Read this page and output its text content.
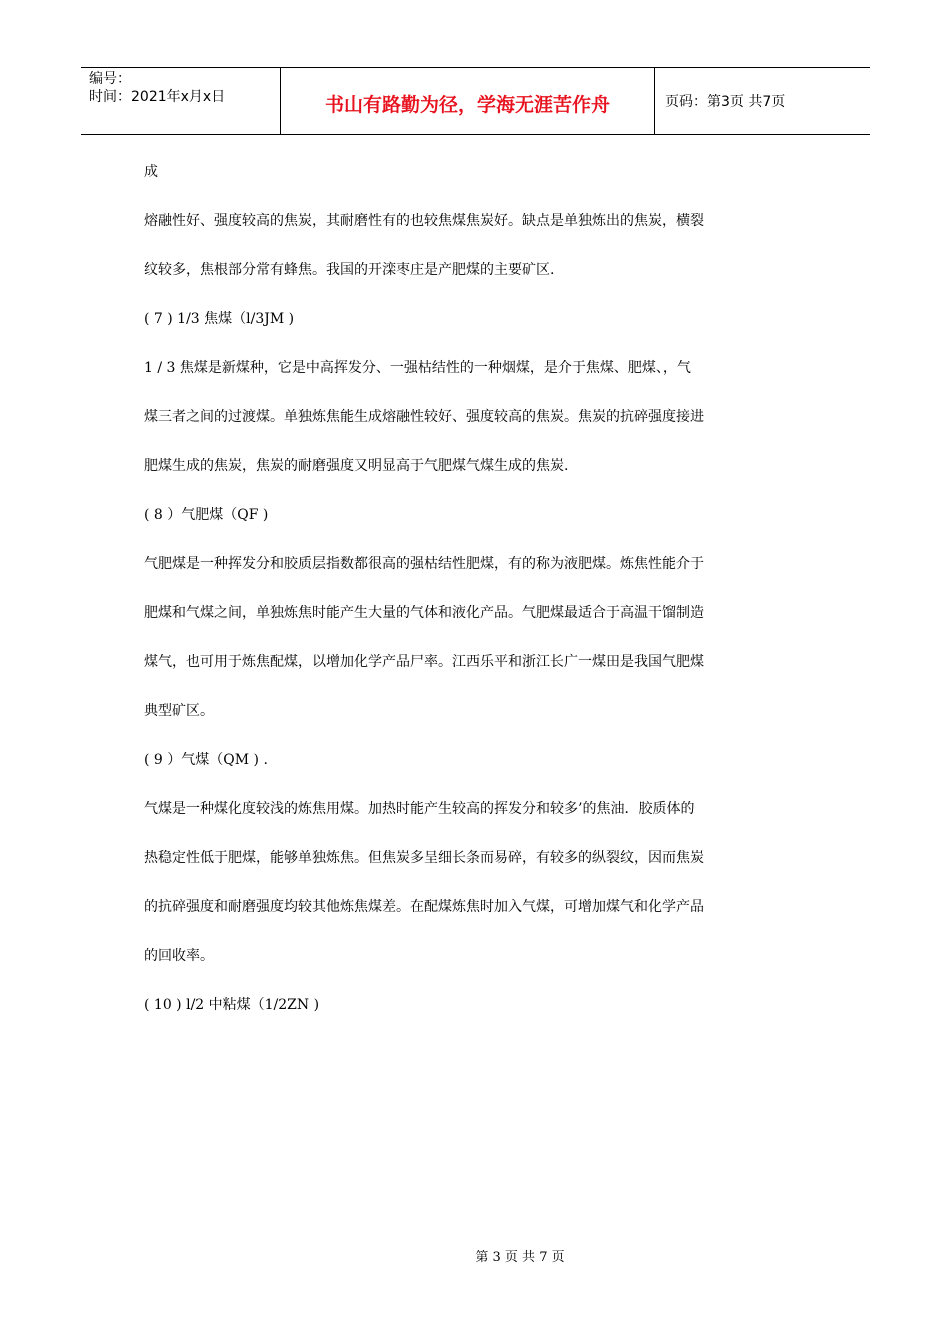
编号：
时间：2021年x月x日	书山有路勤为径，学海无涯苦作舟	页码：第3页 共7页

成

熔融性好、强度较高的焦炭，其耐磨性有的也较焦煤焦炭好。缺点是单独炼出的焦炭，横裂

纹较多，焦根部分常有蜂焦。我国的开滦枣庄是产肥煤的主要矿区.

( 7 ) 1/3 焦煤（l/3JM )

1 / 3 焦煤是新煤种，它是中高挥发分、一强枯结性的一种烟煤，是介于焦煤、肥煤、，气

煤三者之间的过渡煤。单独炼焦能生成熔融性较好、强度较高的焦炭。焦炭的抗碎强度接进

肥煤生成的焦炭，焦炭的耐磨强度又明显高于气肥煤气煤生成的焦炭.

( 8 ）气肥煤（QF )

气肥煤是一种挥发分和胶质层指数都很高的强枯结性肥煤，有的称为液肥煤。炼焦性能介于

肥煤和气煤之间，单独炼焦时能产生大量的气体和液化产品。气肥煤最适合于高温干馏制造

煤气，也可用于炼焦配煤，以增加化学产品尸率。江西乐平和浙江长广一煤田是我国气肥煤

典型矿区。

( 9 ）气煤（QM ) .

气煤是一种煤化度较浅的炼焦用煤。加热时能产生较高的挥发分和较多’的焦油．胶质体的

热稳定性低于肥煤，能够单独炼焦。但焦炭多呈细长条而易碎，有较多的纵裂纹，因而焦炭

的抗碎强度和耐磨强度均较其他炼焦煤差。在配煤炼焦时加入气煤，可增加煤气和化学产品

的回收率。

( 10 ) l/2 中粘煤（1/2ZN )

第 3 页 共 7 页
